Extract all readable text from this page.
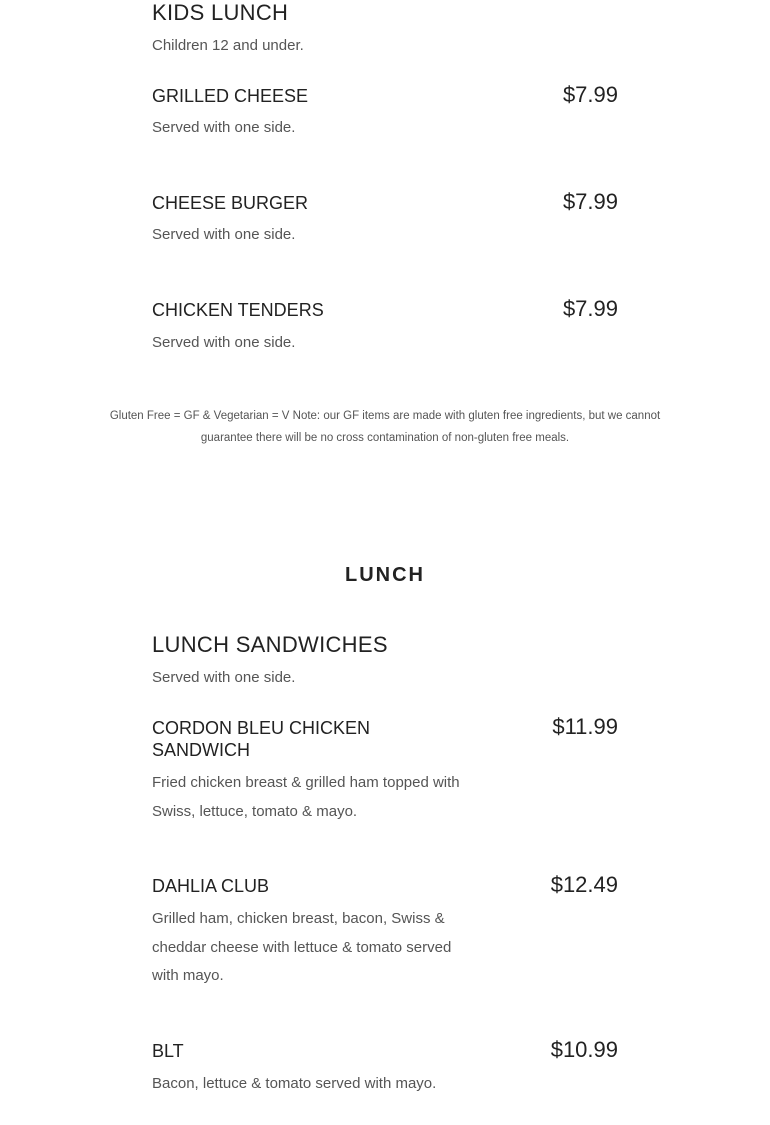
KIDS LUNCH
Children 12 and under.
GRILLED CHEESE	$7.99
Served with one side.
CHEESE BURGER	$7.99
Served with one side.
CHICKEN TENDERS	$7.99
Served with one side.
Gluten Free = GF & Vegetarian = V Note: our GF items are made with gluten free ingredients, but we cannot
guarantee there will be no cross contamination of non-gluten free meals.
LUNCH
LUNCH SANDWICHES
Served with one side.
CORDON BLEU CHICKEN
SANDWICH
$11.99
Fried chicken breast & grilled ham topped with
Swiss, lettuce, tomato & mayo.
DAHLIA CLUB	$12.49
Grilled ham, chicken breast, bacon, Swiss &
cheddar cheese with lettuce & tomato served
with mayo.
BLT	$10.99
Bacon, lettuce & tomato served with mayo.
